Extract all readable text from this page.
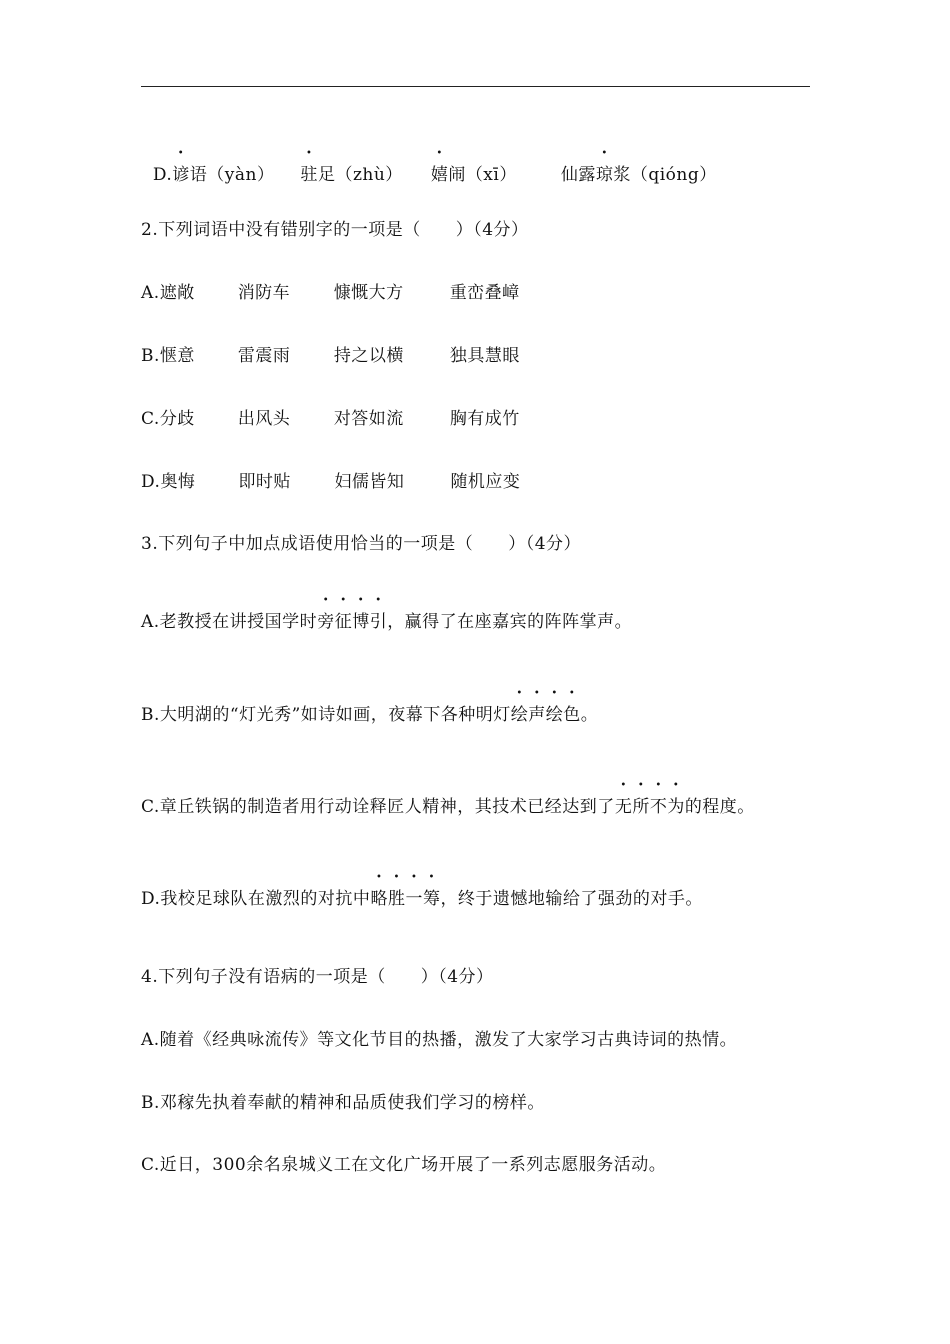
D.谚语（yàn） 驻足（zhù） 嬉闹（xī）	仙露琼浆（qióng）

2.下列词语中没有错别字的一项是（　　）（4分）
A.遮敞	消防车	慷慨大方	重峦叠嶂
B.惬意	雷震雨	持之以横	独具慧眼
C.分歧	出风头	对答如流	胸有成竹
D.奥悔	即时贴	妇儒皆知	随机应变
3.下列句子中加点成语使用恰当的一项是（　　）（4分）
A.老教授在讲授国学时旁征博引，赢得了在座嘉宾的阵阵掌声。
B.大明湖的“灯光秀”如诗如画，夜幕下各种明灯绘声绘色。
C.章丘铁锅的制造者用行动诠释匠人精神，其技术已经达到了无所不为的程度。
D.我校足球队在激烈的对抗中略胜一筹，终于遗憾地输给了强劲的对手。
4.下列句子没有语病的一项是（　　）（4分）
A.随着《经典咏流传》等文化节目的热播，激发了大家学习古典诗词的热情。
B.邓稼先执着奉献的精神和品质使我们学习的榜样。
C.近日，300余名泉城义工在文化广场开展了一系列志愿服务活动。
